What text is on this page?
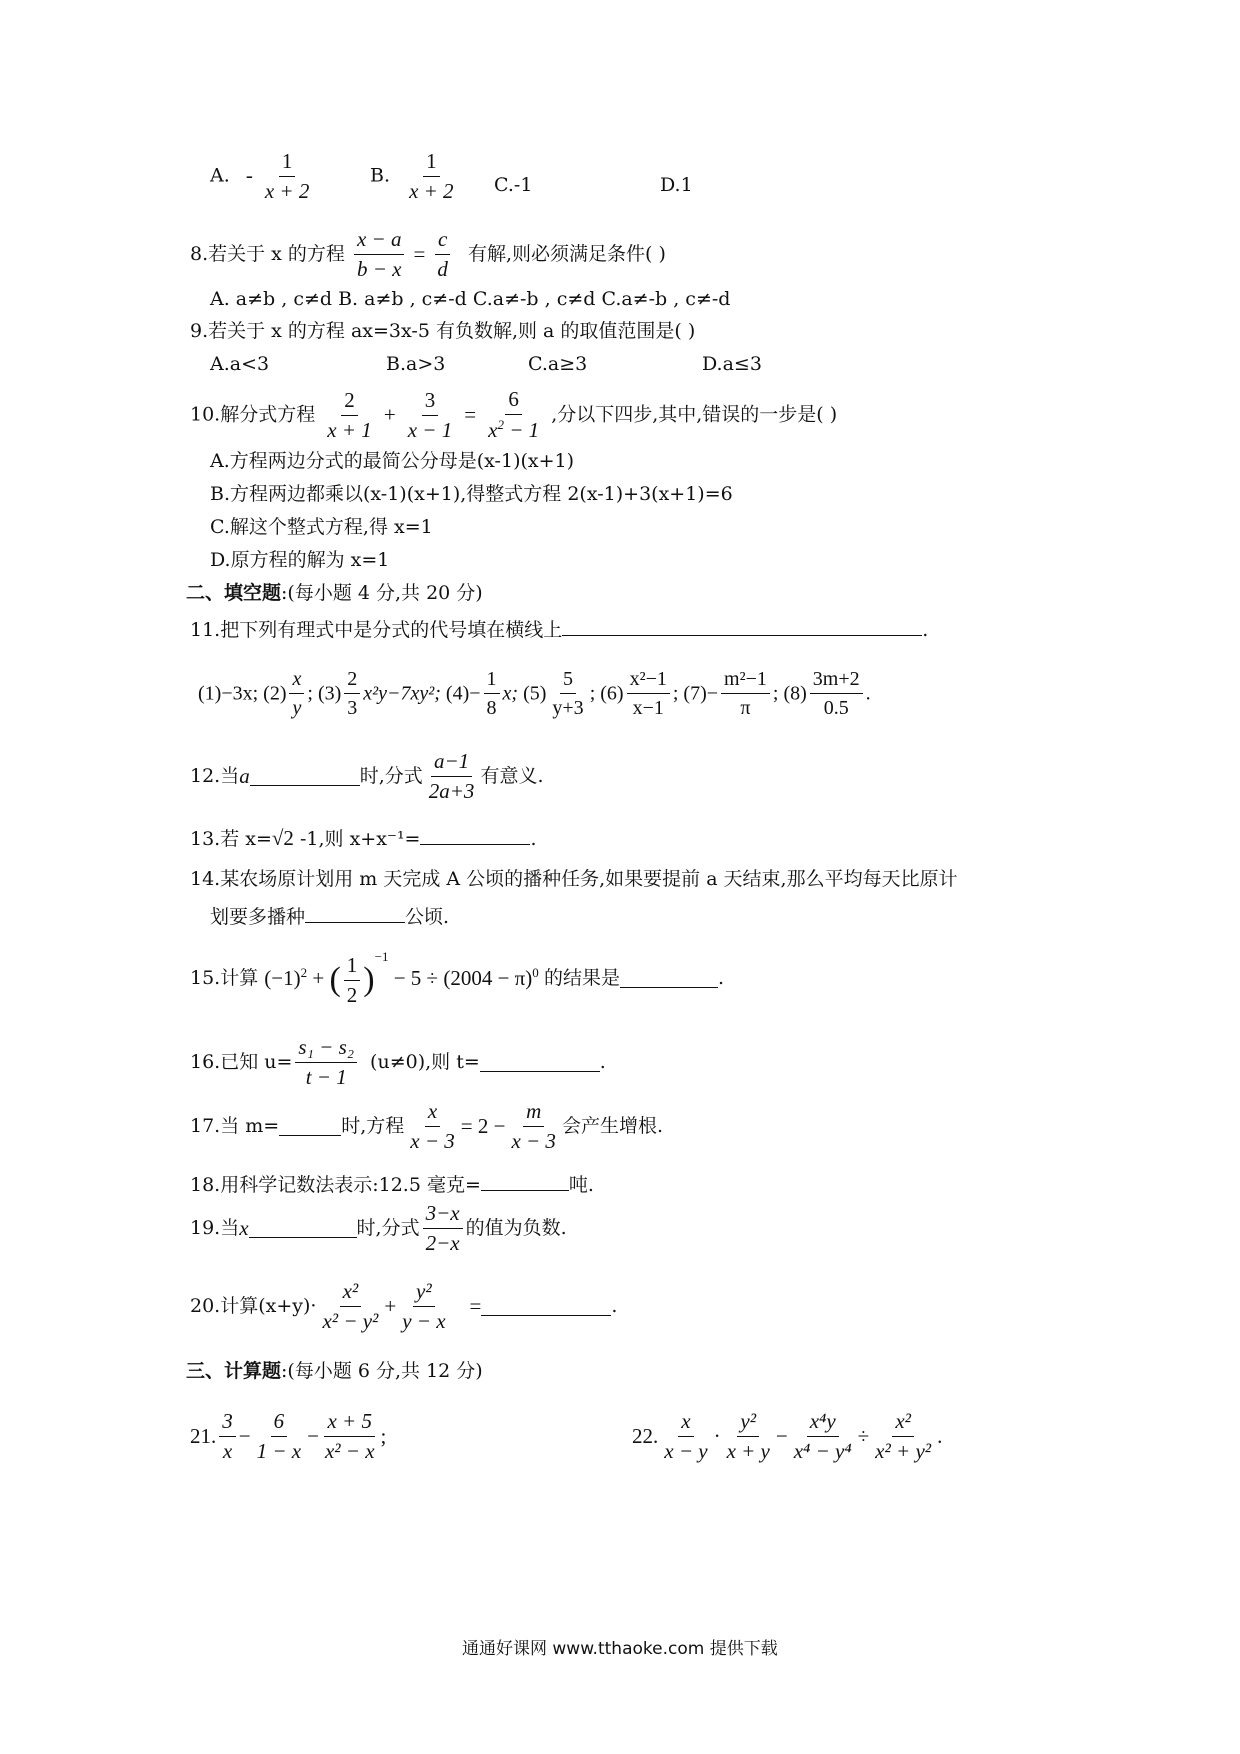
A. - $\frac{1}{x + 2}$	B. $\frac{1}{x + 2} C.-1$	D.1
8.若关于 x 的方程 $\frac{x - a}{b - x} = \frac{c}{d}$ 有解,则必须满足条件( )
A. a≠b , c≠d B. a≠b , c≠-d C.a≠-b , c≠d C.a≠-b , c≠-d
9.若关于 x 的方程 ax=3x-5 有负数解,则 a 的取值范围是( )
A.a<3	B.a>3	C.a≥3	D.a≤3
10.解分式方程 $\frac{2}{x + 1} + \frac{3}{x - 1} = \frac{6}{x^2 - 1}$ ,分以下四步,其中,错误的一步是( )
A.方程两边分式的最简公分母是(x-1)(x+1)
B.方程两边都乘以(x-1)(x+1),得整式方程 2(x-1)+3(x+1)=6
C.解这个整式方程,得 x=1
D.原方程的解为 x=1
二、填空题:(每小题 4 分,共 20 分)
11.把下列有理式中是分式的代号填在横线上	.
(1)−3x; $(2) \frac{x}{y}$ ; $(3) \frac{2}{3} x^2y-7xy^2$; $(4)- \frac{1}{8} x$; $(5) \frac{5}{y+3}$ ; $(6) \frac{\text{x²−1}}{x-1}$ ; $(7)- \frac{\text{m²−1}}{\pi}$ ; $(8) \frac{3m+2}{0.5}$ .
12.当a	时,分式 $\frac{a-1}{2a+3}$ 有意义.
13.若 x=√2 -1,则 x+x⁻¹=	.
14.某农场原计划用 m 天完成 A 公顷的播种任务,如果要提前 a 天结束,那么平均每天比原计
划要多播种	公顷.
15.计算 $(-1)^2$ + ( $\frac{1}{2} )^{-1} - 5 \div (2004 - \pi)^0$ 的结果是	.
16.已知 $u= \frac{\text{s₁ − s₂}}{t - 1} (u\ne 0)$,则 t=	.
17.当 m=	时,方程 $\frac{x}{x - 3} = 2 - \frac{m}{x - 3}$ 会产生增根.
18.用科学记数法表示:12.5 毫克=	吨.
19.当x	时,分式 $\frac{3-x}{2-x}$ 的值为负数.
20.计算$(x+y)\cdot \frac{\text{x²}}{\text{x² − y²}} + \frac{\text{y²}}{y - x}$ =	.
三、计算题:(每小题 6 分,共 12 分)
21. $\frac{3}{x} - \frac{6}{1 - x} - \frac{x + 5}{\text{x² − x}}$ ;	22. $\frac{x}{x - y} \cdot \frac{\text{y²}}{x + y} - \frac{\text{x⁴y}}{\text{x⁴ − y⁴}} \div \frac{\text{x²}}{\text{x² + y²}}$ .
通通好课网 www.tthaoke.com 提供下载
